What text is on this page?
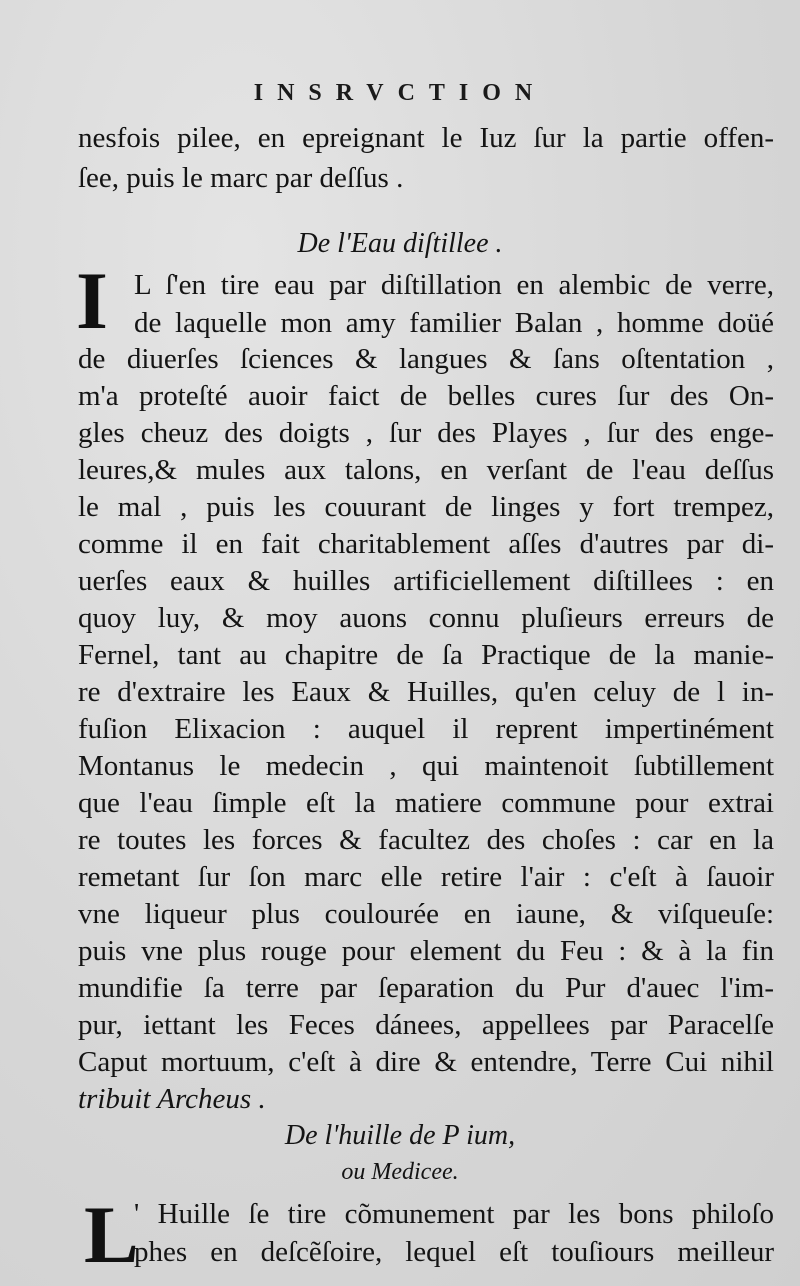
INSRVCTION
nesfois pilee, en epreignant le Iuz ſur la partie offen-
ſee, puis le marc par deſſus .
De l'Eau diſtillee .
I L ſ'en tire eau par diſtillation en alembic de verre,
de laquelle mon amy familier Balan , homme doüé
de diuerſes ſciences & langues & ſans oſtentation ,
m'a proteſté auoir faict de belles cures ſur des On-
gles cheuz des doigts , ſur des Playes , ſur des enge-
leures,& mules aux talons, en verſant de l'eau deſſus
le mal , puis les couurant de linges y fort trempez,
comme il en fait charitablement aſſes d'autres par di-
uerſes eaux & huilles artificiellement diſtillees : en
quoy luy, & moy auons connu pluſieurs erreurs de
Fernel, tant au chapitre de ſa Practique de la manie-
re d'extraire les Eaux & Huilles, qu'en celuy de l in-
fuſion Elixacion : auquel il reprent impertinément
Montanus le medecin , qui maintenoit ſubtillement
que l'eau ſimple eſt la matiere commune pour extrai
re toutes les forces & facultez des choſes : car en la
remetant ſur ſon marc elle retire l'air : c'eſt à ſauoir
vne liqueur plus coulourée en iaune, & viſqueuſe:
puis vne plus rouge pour element du Feu : & à la fin
mundifie ſa terre par ſeparation du Pur d'auec l'im-
pur, iettant les Feces dánees, appellees par Paracelſe
Caput mortuum, c'eſt à dire & entendre, Terre Cui nihil
tribuit Archeus .
De l'huille de P ium,
ou Medicee.
L
' Huille ſe tire cõmunement par les bons philoſo
phes en deſcẽſoire, lequel eſt touſiours meilleur
